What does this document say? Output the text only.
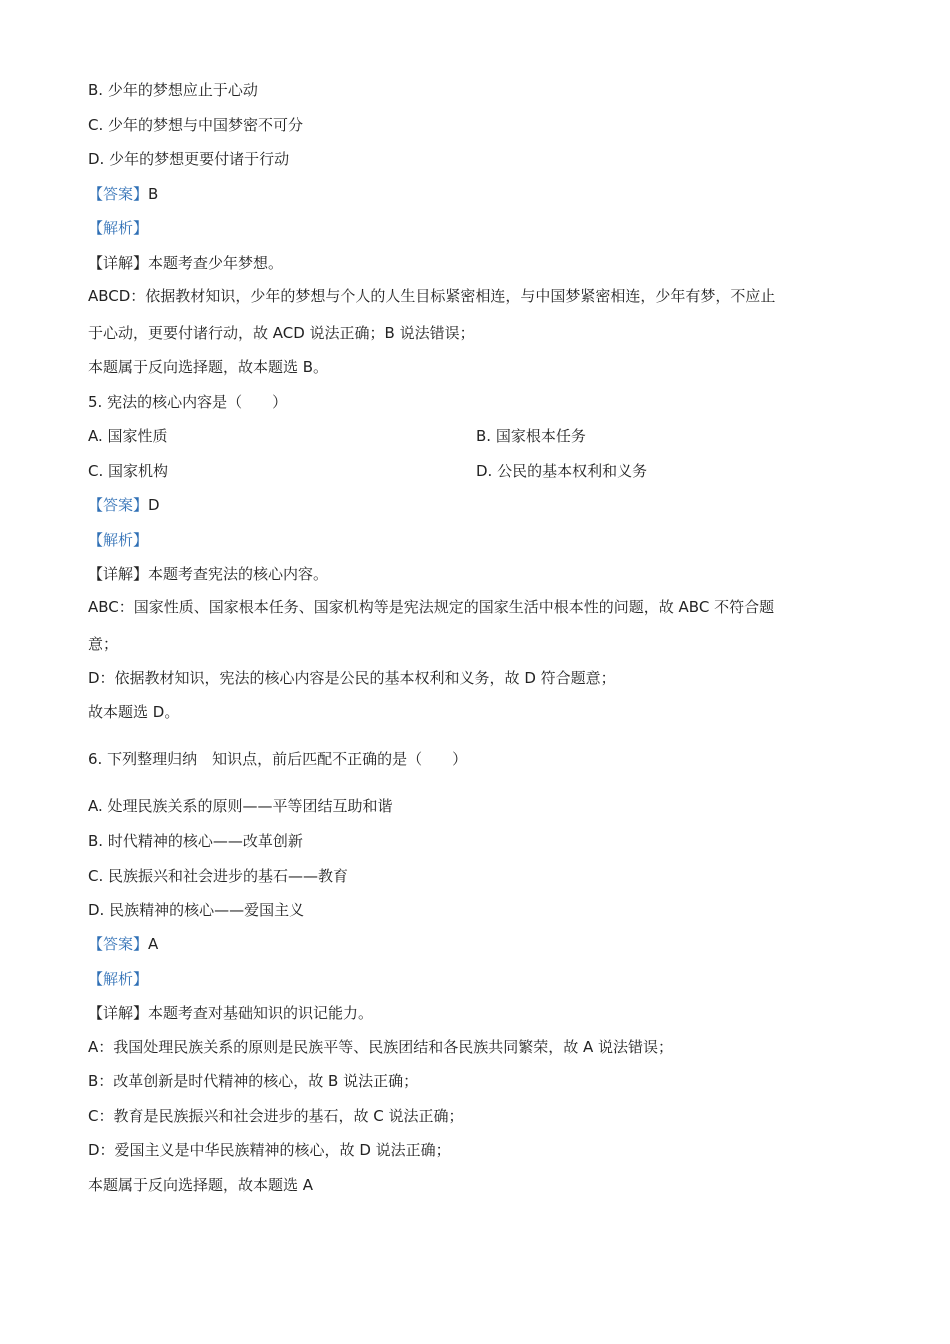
B. 少年的梦想应止于心动
C. 少年的梦想与中国梦密不可分
D. 少年的梦想更要付诸于行动
【答案】B
【解析】
【详解】本题考查少年梦想。
ABCD：依据教材知识，少年的梦想与个人的人生目标紧密相连，与中国梦紧密相连，少年有梦，不应止
于心动，更要付诸行动，故 ACD 说法正确；B 说法错误；
本题属于反向选择题，故本题选 B。
5. 宪法的核心内容是（　　）
A. 国家性质	B. 国家根本任务
C. 国家机构	D. 公民的基本权利和义务
【答案】D
【解析】
【详解】本题考查宪法的核心内容。
ABC：国家性质、国家根本任务、国家机构等是宪法规定的国家生活中根本性的问题，故 ABC 不符合题
意；
D：依据教材知识，宪法的核心内容是公民的基本权利和义务，故 D 符合题意；
故本题选 D。
6. 下列整理归纳　知识点，前后匹配不正确的是（　　）
A. 处理民族关系的原则——平等团结互助和谐
B. 时代精神的核心——改革创新
C. 民族振兴和社会进步的基石——教育
D. 民族精神的核心——爱国主义
【答案】A
【解析】
【详解】本题考查对基础知识的识记能力。
A：我国处理民族关系的原则是民族平等、民族团结和各民族共同繁荣，故 A 说法错误；
B：改革创新是时代精神的核心，故 B 说法正确；
C：教育是民族振兴和社会进步的基石，故 C 说法正确；
D：爱国主义是中华民族精神的核心，故 D 说法正确；
本题属于反向选择题，故本题选 A
